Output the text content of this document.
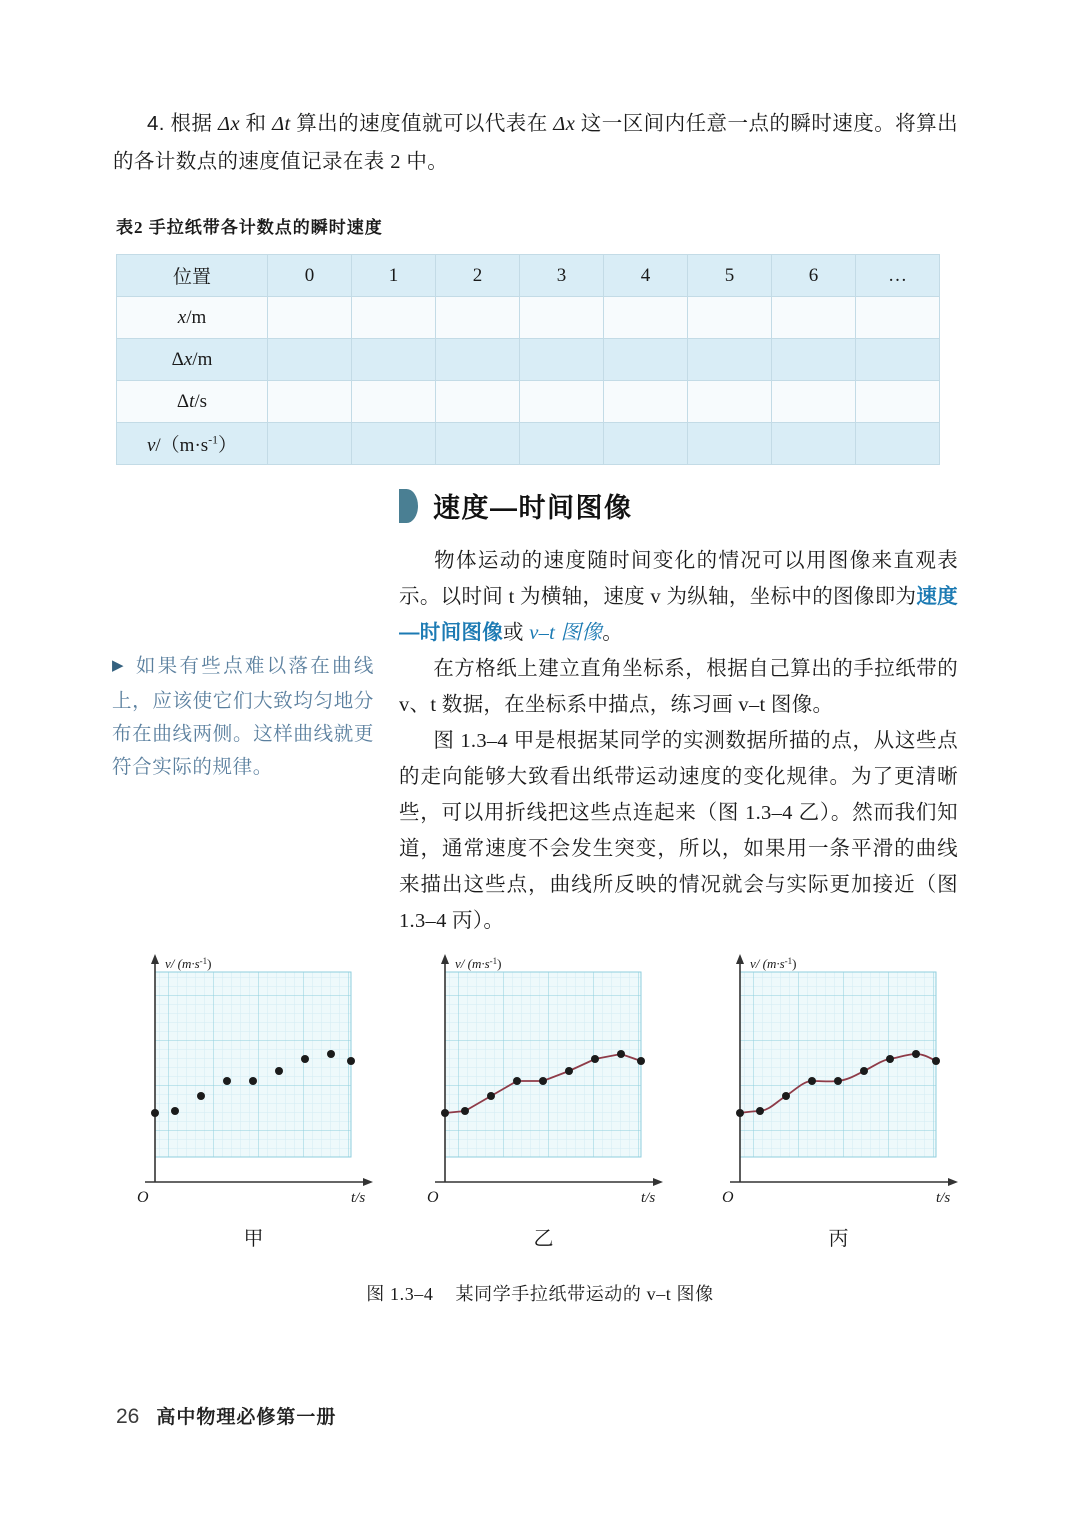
4. 根据 Δx 和 Δt 算出的速度值就可以代表在 Δx 这一区间内任意一点的瞬时速度。将算出的各计数点的速度值记录在表 2 中。
表2 手拉纸带各计数点的瞬时速度
位置	0	1	2	3	4	5	6	…
x/m								
Δx/m								
Δt/s								
$v/(m\cdot s^{-1})$								
速度—时间图像
▶ 如果有些点难以落在曲线上，应该使它们大致均匀地分布在曲线两侧。这样曲线就更符合实际的规律。
物体运动的速度随时间变化的情况可以用图像来直观表示。以时间 t 为横轴，速度 v 为纵轴，坐标中的图像即为速度—时间图像或 v–t 图像。
在方格纸上建立直角坐标系，根据自己算出的手拉纸带的 v、t 数据，在坐标系中描点，练习画 v–t 图像。
图 1.3–4 甲是根据某同学的实测数据所描的点，从这些点的走向能够大致看出纸带运动速度的变化规律。为了更清晰些，可以用折线把这些点连起来（图 1.3–4 乙）。然而我们知道，通常速度不会发生突变，所以，如果用一条平滑的曲线来描出这些点，曲线所反映的情况就会与实际更加接近（图 1.3–4 丙）。
v/ $(m\cdot s^{-1})$
O	t/s
甲
v/ $(m\cdot s^{-1})$
O	t/s
乙
v/ $(m\cdot s^{-1})$
O	t/s
丙
图 1.3–4 某同学手拉纸带运动的 v–t 图像
26 高中物理必修第一册
